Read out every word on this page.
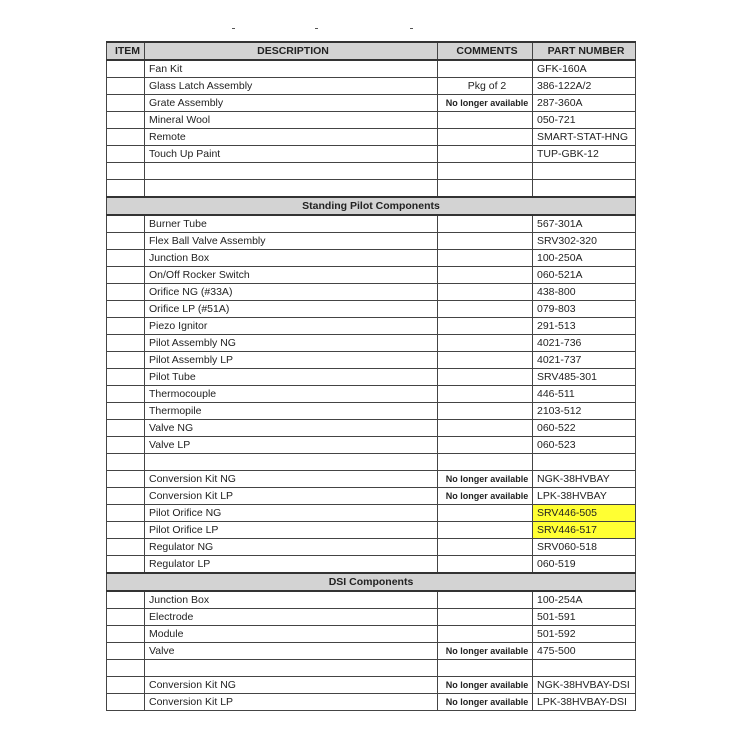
ITEM	DESCRIPTION	COMMENTS	PART NUMBER
	Fan Kit		GFK-160A
	Glass Latch Assembly	Pkg of 2	386-122A/2
	Grate Assembly	No longer available	287-360A
	Mineral Wool		050-721
	Remote		SMART-STAT-HNG
	Touch Up Paint		TUP-GBK-12

Standing Pilot Components			
	Burner Tube		567-301A
	Flex Ball Valve Assembly		SRV302-320
	Junction Box		100-250A
	On/Off Rocker Switch		060-521A
	Orifice NG (#33A)		438-800
	Orifice LP (#51A)		079-803
	Piezo Ignitor		291-513
	Pilot Assembly NG		4021-736
	Pilot Assembly LP		4021-737
	Pilot Tube		SRV485-301
	Thermocouple		446-511
	Thermopile		2103-512
	Valve NG		060-522
	Valve LP		060-523

	Conversion Kit NG	No longer available	NGK-38HVBAY
	Conversion Kit LP	No longer available	LPK-38HVBAY
	Pilot Orifice NG		SRV446-505
	Pilot Orifice LP		SRV446-517
	Regulator NG		SRV060-518
	Regulator LP		060-519
DSI Components			
	Junction Box		100-254A
	Electrode		501-591
	Module		501-592
	Valve	No longer available	475-500

	Conversion Kit NG	No longer available	NGK-38HVBAY-DSI
	Conversion Kit LP	No longer available	LPK-38HVBAY-DSI
